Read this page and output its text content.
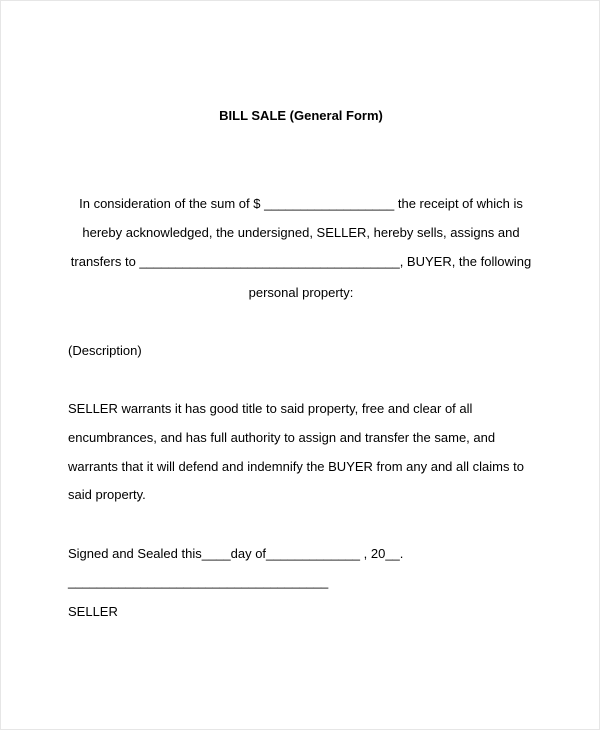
BILL SALE (General Form)
In consideration of the sum of $ __________________ the receipt of which is
hereby acknowledged, the undersigned, SELLER, hereby sells, assigns and
transfers to ____________________________________, BUYER, the following
personal property:
(Description)
SELLER warrants it has good title to said property, free and clear of all
encumbrances, and has full authority to assign and transfer the same, and
warrants that it will defend and indemnify the BUYER from any and all claims to
said property.
Signed and Sealed this____day of_____________ , 20__.
____________________________________
SELLER
